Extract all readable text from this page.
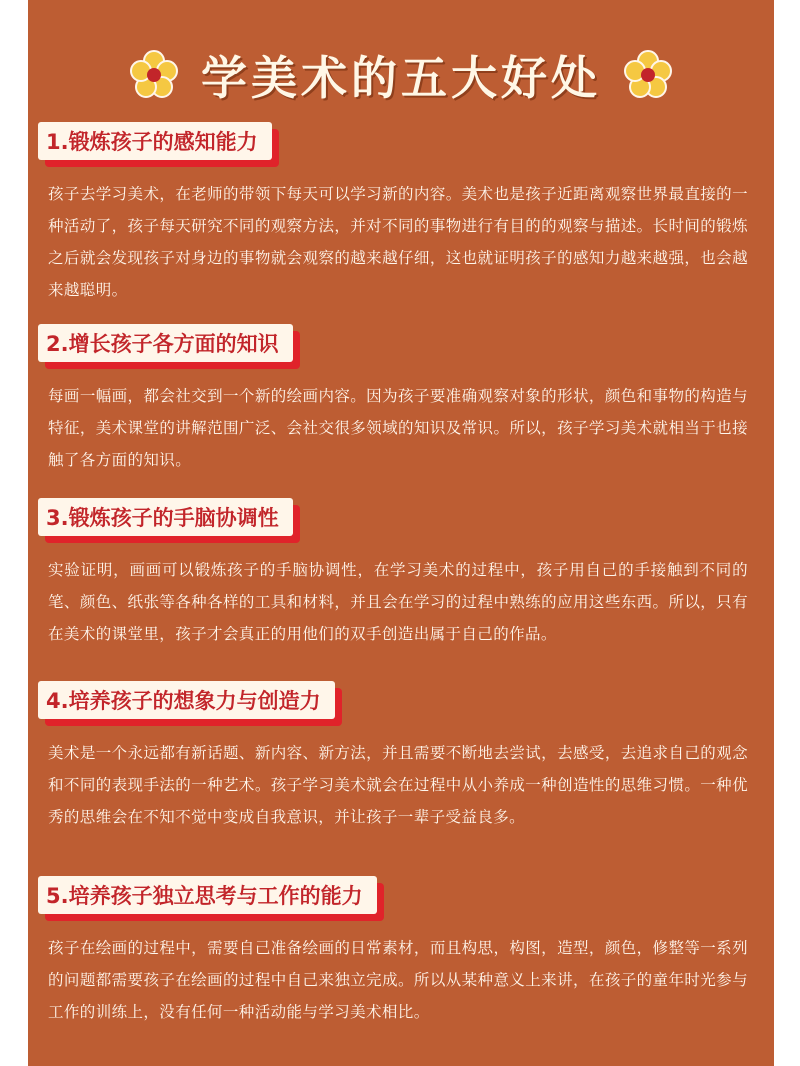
学美术的五大好处
1.锻炼孩子的感知能力
孩子去学习美术，在老师的带领下每天可以学习新的内容。美术也是孩子近距离观察世界最直接的一种活动了，孩子每天研究不同的观察方法，并对不同的事物进行有目的的观察与描述。长时间的锻炼之后就会发现孩子对身边的事物就会观察的越来越仔细，这也就证明孩子的感知力越来越强，也会越来越聪明。
2.增长孩子各方面的知识
每画一幅画，都会社交到一个新的绘画内容。因为孩子要准确观察对象的形状，颜色和事物的构造与特征，美术课堂的讲解范围广泛、会社交很多领域的知识及常识。所以，孩子学习美术就相当于也接触了各方面的知识。
3.锻炼孩子的手脑协调性
实验证明，画画可以锻炼孩子的手脑协调性，在学习美术的过程中，孩子用自己的手接触到不同的笔、颜色、纸张等各种各样的工具和材料，并且会在学习的过程中熟练的应用这些东西。所以，只有在美术的课堂里，孩子才会真正的用他们的双手创造出属于自己的作品。
4.培养孩子的想象力与创造力
美术是一个永远都有新话题、新内容、新方法，并且需要不断地去尝试，去感受，去追求自己的观念和不同的表现手法的一种艺术。孩子学习美术就会在过程中从小养成一种创造性的思维习惯。一种优秀的思维会在不知不觉中变成自我意识，并让孩子一辈子受益良多。
5.培养孩子独立思考与工作的能力
孩子在绘画的过程中，需要自己准备绘画的日常素材，而且构思，构图，造型，颜色，修整等一系列的问题都需要孩子在绘画的过程中自己来独立完成。所以从某种意义上来讲，在孩子的童年时光参与工作的训练上，没有任何一种活动能与学习美术相比。
